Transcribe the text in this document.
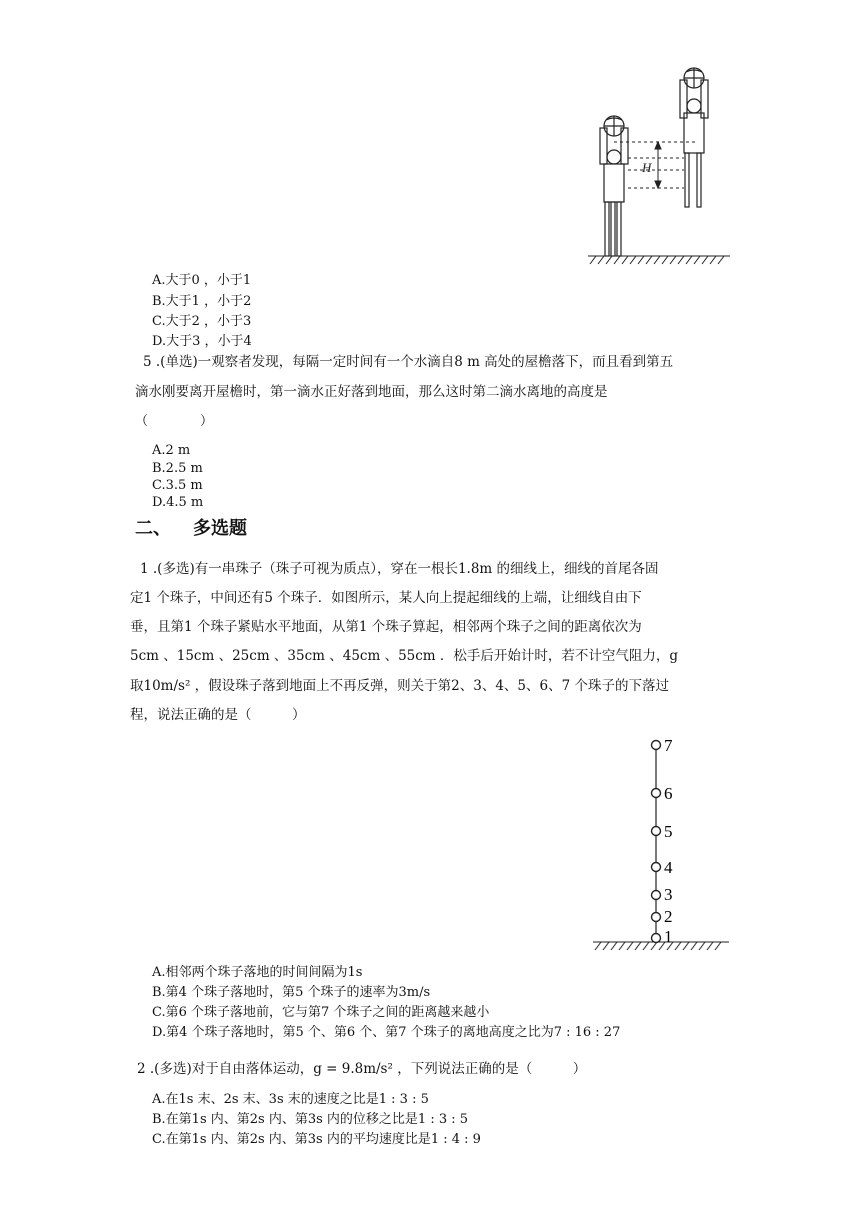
H
A.大于0 ，小于1
B.大于1 ，小于2
C.大于2 ，小于3
D.大于3 ，小于4
5 .(单选)一观察者发现，每隔一定时间有一个水滴自8 m 高处的屋檐落下，而且看到第五
滴水刚要离开屋檐时，第一滴水正好落到地面，那么这时第二滴水离地的高度是
（　　　　）
A.2 m
B.2.5 m
C.3.5 m
D.4.5 m
二、 多选题
1 .(多选)有一串珠子（珠子可视为质点），穿在一根长1.8m 的细线上，细线的首尾各固
定1 个珠子，中间还有5 个珠子．如图所示，某人向上提起细线的上端，让细线自由下
垂，且第1 个珠子紧贴水平地面，从第1 个珠子算起，相邻两个珠子之间的距离依次为
5cm 、15cm 、25cm 、35cm 、45cm 、55cm ．松手后开始计时，若不计空气阻力，g
取10m/s² ，假设珠子落到地面上不再反弹，则关于第2、3、4、5、6、7 个珠子的下落过
程，说法正确的是（　　　）
1
2
3
4
5
6
7
A.相邻两个珠子落地的时间间隔为1s
B.第4 个珠子落地时，第5 个珠子的速率为3m/s
C.第6 个珠子落地前，它与第7 个珠子之间的距离越来越小
D.第4 个珠子落地时，第5 个、第6 个、第7 个珠子的离地高度之比为7 : 16 : 27
2 .(多选)对于自由落体运动，g = 9.8m/s² ，下列说法正确的是（　　　）
A.在1s 末、2s 末、3s 末的速度之比是1 : 3 : 5
B.在第1s 内、第2s 内、第3s 内的位移之比是1 : 3 : 5
C.在第1s 内、第2s 内、第3s 内的平均速度比是1 : 4 : 9
